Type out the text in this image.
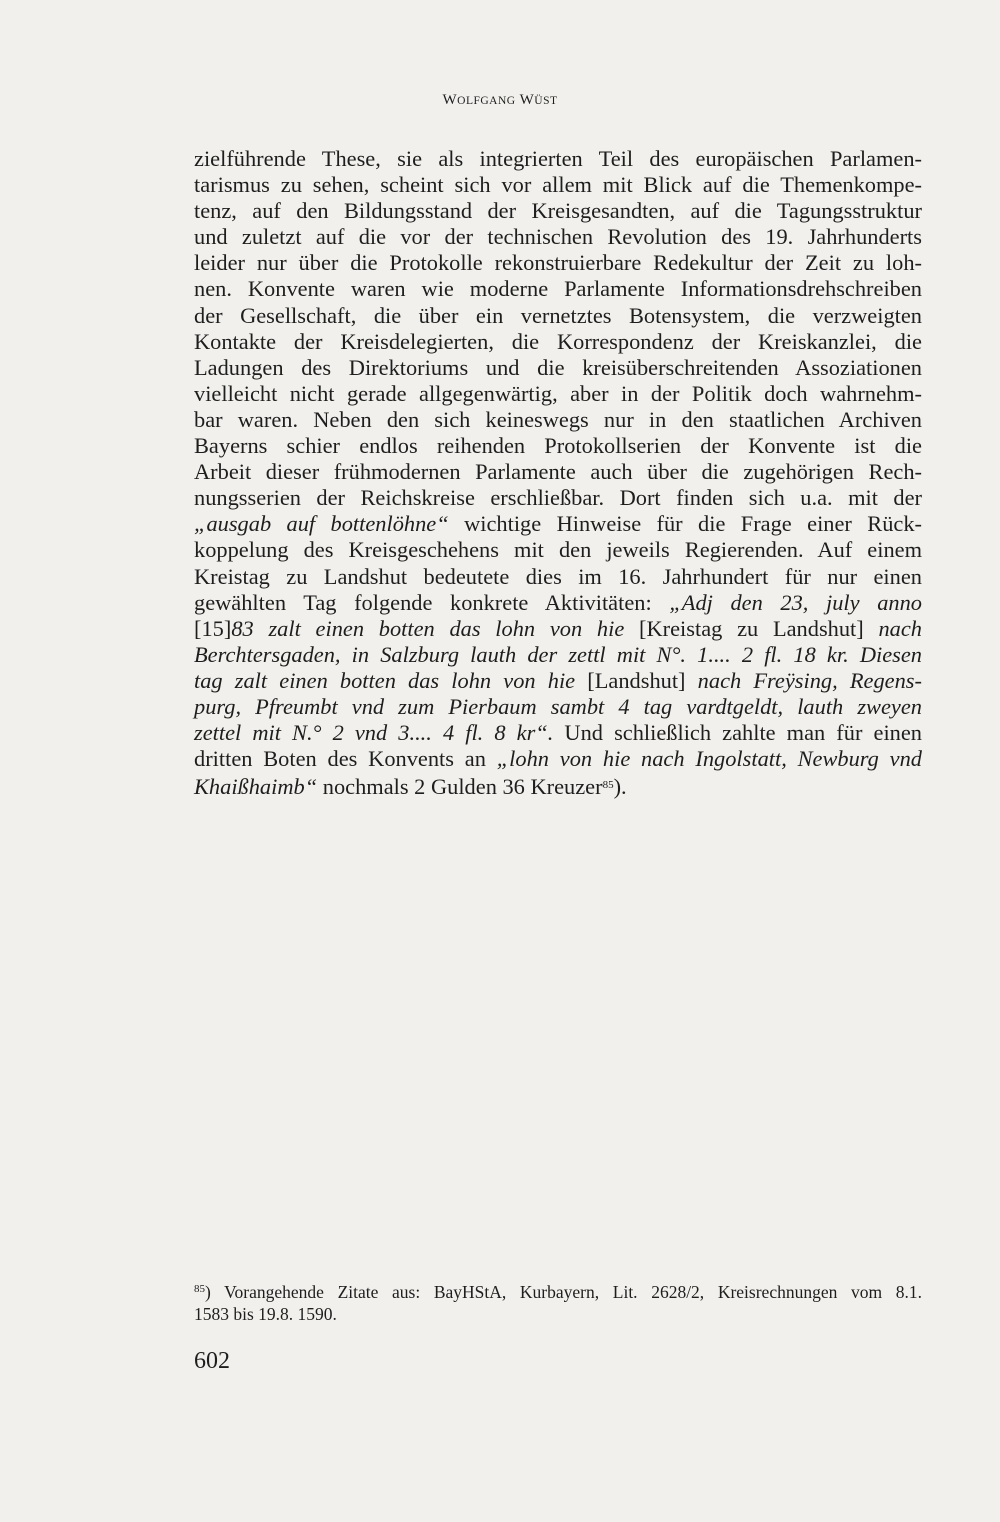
WOLFGANG WÜST
zielführende These, sie als integrierten Teil des europäischen Parlamen-
tarismus zu sehen, scheint sich vor allem mit Blick auf die Themenkompe-
tenz, auf den Bildungsstand der Kreisgesandten, auf die Tagungsstruktur
und zuletzt auf die vor der technischen Revolution des 19. Jahrhunderts
leider nur über die Protokolle rekonstruierbare Redekultur der Zeit zu loh-
nen. Konvente waren wie moderne Parlamente Informationsdrehschreiben
der Gesellschaft, die über ein vernetztes Botensystem, die verzweigten
Kontakte der Kreisdelegierten, die Korrespondenz der Kreiskanzlei, die
Ladungen des Direktoriums und die kreisüberschreitenden Assoziationen
vielleicht nicht gerade allgegenwärtig, aber in der Politik doch wahrnehm-
bar waren. Neben den sich keineswegs nur in den staatlichen Archiven
Bayerns schier endlos reihenden Protokollserien der Konvente ist die
Arbeit dieser frühmodernen Parlamente auch über die zugehörigen Rech-
nungsserien der Reichskreise erschließbar. Dort finden sich u.a. mit der
„ausgab auf bottenlöhne“ wichtige Hinweise für die Frage einer Rück-
koppelung des Kreisgeschehens mit den jeweils Regierenden. Auf einem
Kreistag zu Landshut bedeutete dies im 16. Jahrhundert für nur einen
gewählten Tag folgende konkrete Aktivitäten: „Adj den 23, july anno
[15]83 zalt einen botten das lohn von hie [Kreistag zu Landshut] nach
Berchtersgaden, in Salzburg lauth der zettl mit N°. 1.... 2 fl. 18 kr. Diesen
tag zalt einen botten das lohn von hie [Landshut] nach Freÿsing, Regens-
purg, Pfreumbt vnd zum Pierbaum sambt 4 tag vardtgeldt, lauth zweyen
zettel mit N.° 2 vnd 3.... 4 fl. 8 kr“. Und schließlich zahlte man für einen
dritten Boten des Konvents an „lohn von hie nach Ingolstatt, Newburg vnd
Khaißhaimb“ nochmals 2 Gulden 36 Kreuzer$^{85}$).
$^{85}$) Vorangehende Zitate aus: BayHStA, Kurbayern, Lit. 2628/2, Kreisrechnungen vom 8.1.
1583 bis 19.8. 1590.
602
